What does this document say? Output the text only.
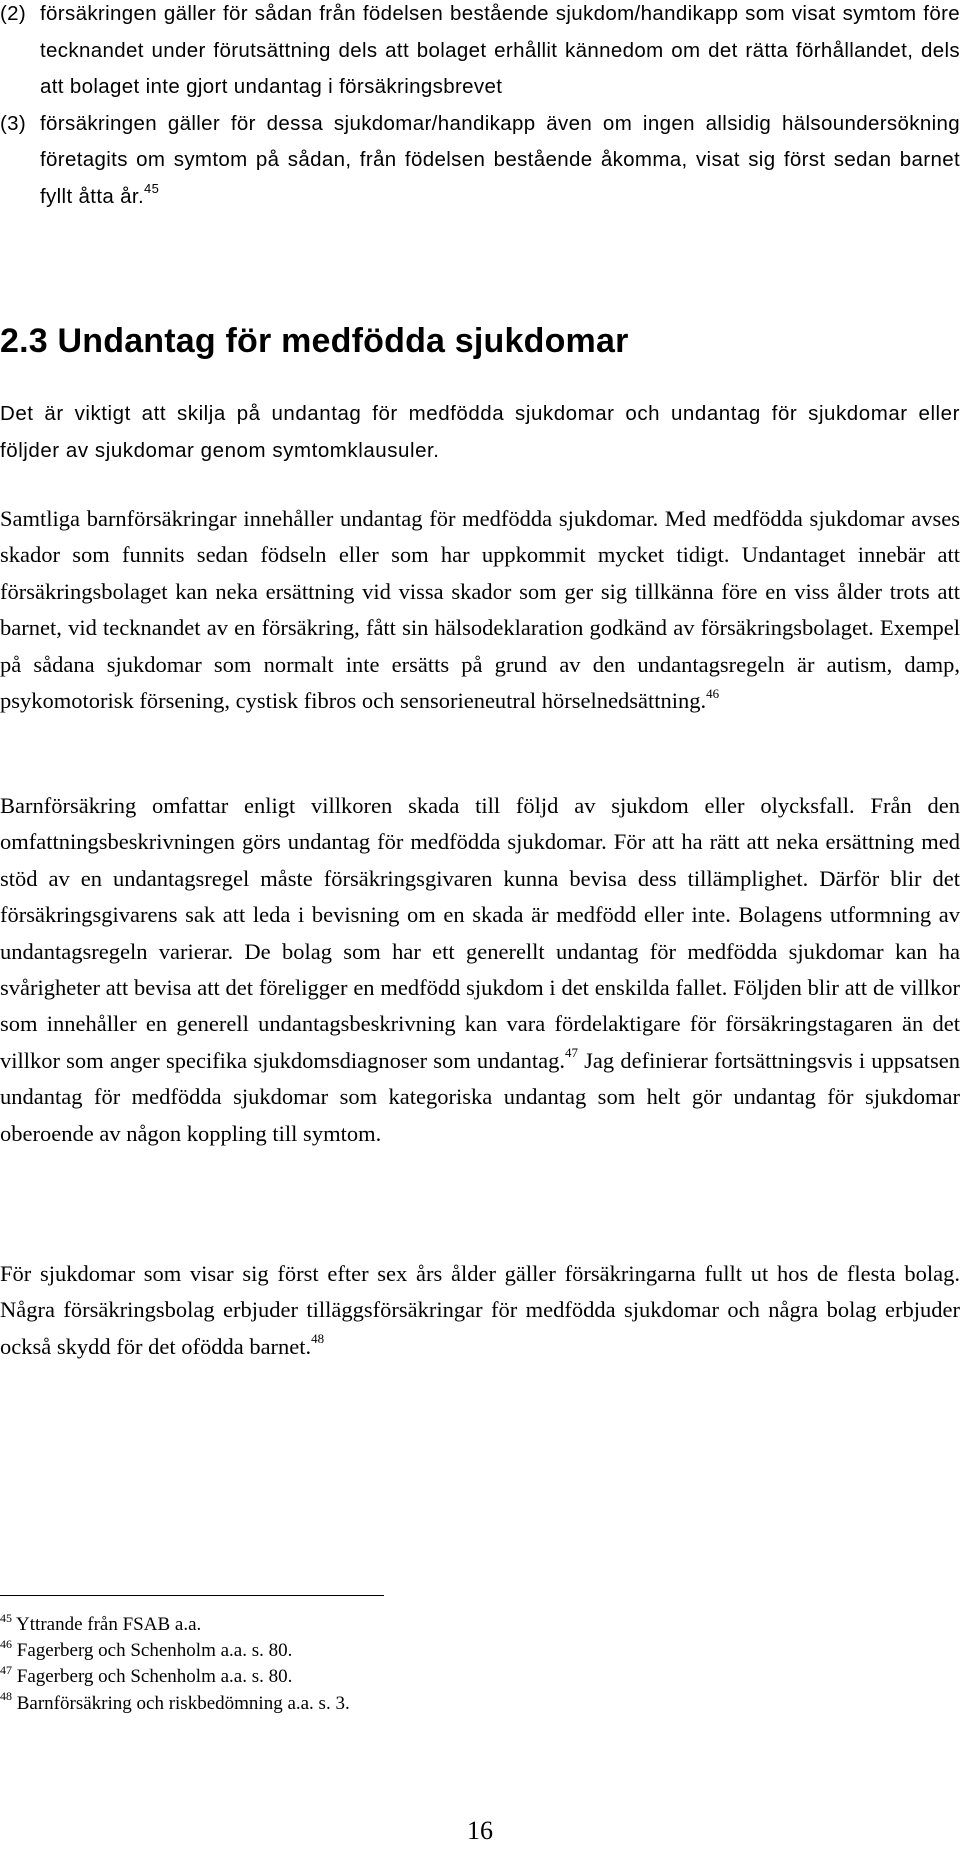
(2) försäkringen gäller för sådan från födelsen bestående sjukdom/handikapp som visat symtom före tecknandet under förutsättning dels att bolaget erhållit kännedom om det rätta förhållandet, dels att bolaget inte gjort undantag i försäkringsbrevet
(3) försäkringen gäller för dessa sjukdomar/handikapp även om ingen allsidig hälsoundersökning företagits om symtom på sådan, från födelsen bestående åkomma, visat sig först sedan barnet fyllt åtta år.$^{45}$
2.3 Undantag för medfödda sjukdomar
Det är viktigt att skilja på undantag för medfödda sjukdomar och undantag för sjukdomar eller följder av sjukdomar genom symtomklausuler.
Samtliga barnförsäkringar innehåller undantag för medfödda sjukdomar. Med medfödda sjukdomar avses skador som funnits sedan födseln eller som har uppkommit mycket tidigt. Undantaget innebär att försäkringsbolaget kan neka ersättning vid vissa skador som ger sig tillkänna före en viss ålder trots att barnet, vid tecknandet av en försäkring, fått sin hälsodeklaration godkänd av försäkringsbolaget. Exempel på sådana sjukdomar som normalt inte ersätts på grund av den undantagsregeln är autism, damp, psykomotorisk försening, cystisk fibros och sensorieneutral hörselnedsättning.$^{46}$
Barnförsäkring omfattar enligt villkoren skada till följd av sjukdom eller olycksfall. Från den omfattningsbeskrivningen görs undantag för medfödda sjukdomar. För att ha rätt att neka ersättning med stöd av en undantagsregel måste försäkringsgivaren kunna bevisa dess tillämplighet. Därför blir det försäkringsgivarens sak att leda i bevisning om en skada är medfödd eller inte. Bolagens utformning av undantagsregeln varierar. De bolag som har ett generellt undantag för medfödda sjukdomar kan ha svårigheter att bevisa att det föreligger en medfödd sjukdom i det enskilda fallet. Följden blir att de villkor som innehåller en generell undantagsbeskrivning kan vara fördelaktigare för försäkringstagaren än det villkor som anger specifika sjukdomsdiagnoser som undantag.$^{47}$ Jag definierar fortsättningsvis i uppsatsen undantag för medfödda sjukdomar som kategoriska undantag som helt gör undantag för sjukdomar oberoende av någon koppling till symtom.
För sjukdomar som visar sig först efter sex års ålder gäller försäkringarna fullt ut hos de flesta bolag. Några försäkringsbolag erbjuder tilläggsförsäkringar för medfödda sjukdomar och några bolag erbjuder också skydd för det ofödda barnet.$^{48}$
$^{45}$ Yttrande från FSAB a.a.
$^{46}$ Fagerberg och Schenholm a.a. s. 80.
$^{47}$ Fagerberg och Schenholm a.a. s. 80.
$^{48}$ Barnförsäkring och riskbedömning a.a. s. 3.
16
